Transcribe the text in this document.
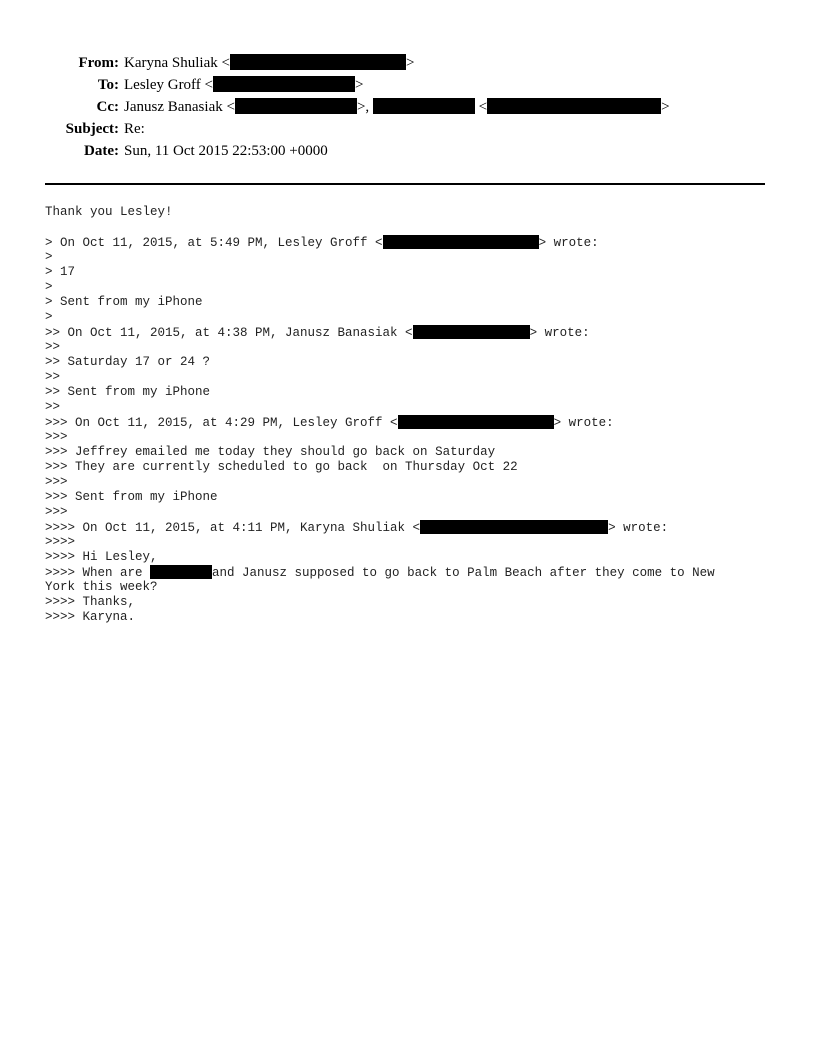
From: Karyna Shuliak <	>
To: Lesley Groff <	>
Cc: Janusz Banasiak <	>,	<	>
Subject: Re:
Date: Sun, 11 Oct 2015 22:53:00 +0000
Thank you Lesley!
> On Oct 11, 2015, at 5:49 PM, Lesley Groff <	> wrote:
>
> 17
>
> Sent from my iPhone
>
>> On Oct 11, 2015, at 4:38 PM, Janusz Banasiak <	> wrote:
>>
>> Saturday 17 or 24 ?
>>
>> Sent from my iPhone
>>
>>> On Oct 11, 2015, at 4:29 PM, Lesley Groff <	> wrote:
>>>
>>> Jeffrey emailed me today they should go back on Saturday
>>> They are currently scheduled to go back  on Thursday Oct 22
>>>
>>> Sent from my iPhone
>>>
>>>> On Oct 11, 2015, at 4:11 PM, Karyna Shuliak <	> wrote:
>>>>
>>>> Hi Lesley,
>>>> When are	and Janusz supposed to go back to Palm Beach after they come to New
York this week?
>>>> Thanks,
>>>> Karyna.
